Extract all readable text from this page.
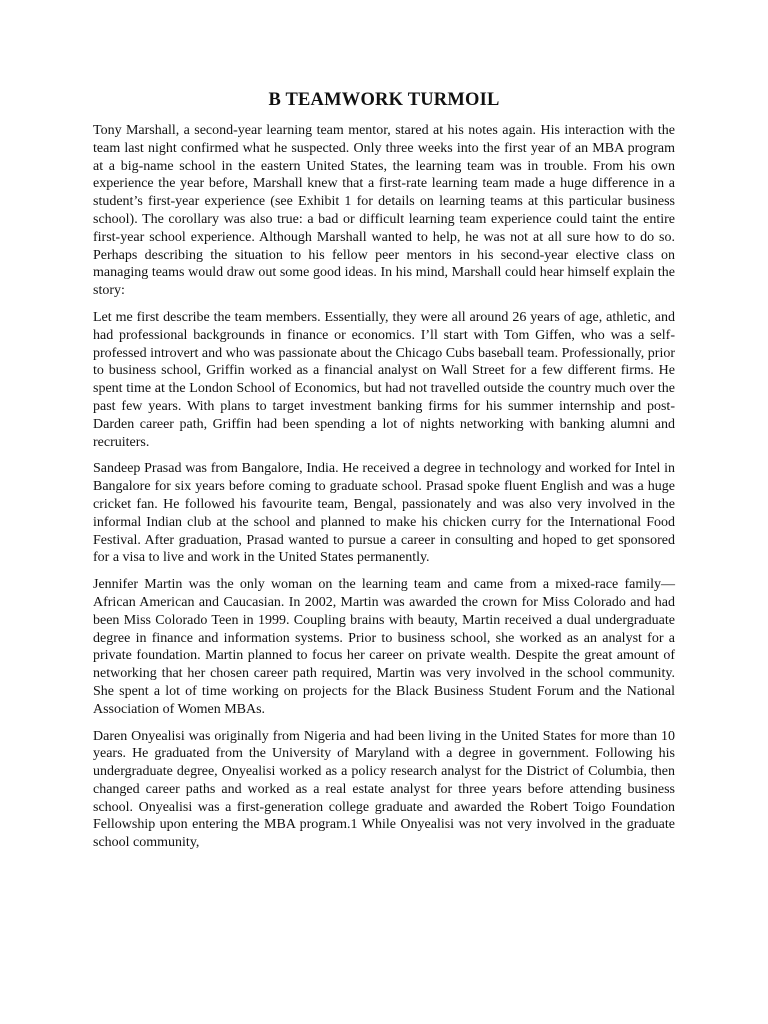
B TEAMWORK TURMOIL

Tony Marshall, a second-year learning team mentor, stared at his notes again. His interaction with the team last night confirmed what he suspected. Only three weeks into the first year of an MBA program at a big-name school in the eastern United States, the learning team was in trouble. From his own experience the year before, Marshall knew that a first-rate learning team made a huge difference in a student’s first-year experience (see Exhibit 1 for details on learning teams at this particular business school). The corollary was also true: a bad or difficult learning team experience could taint the entire first-year school experience. Although Marshall wanted to help, he was not at all sure how to do so. Perhaps describing the situation to his fellow peer mentors in his second-year elective class on managing teams would draw out some good ideas. In his mind, Marshall could hear himself explain the story:

Let me first describe the team members. Essentially, they were all around 26 years of age, athletic, and had professional backgrounds in finance or economics. I’ll start with Tom Giffen, who was a self-professed introvert and who was passionate about the Chicago Cubs baseball team. Professionally, prior to business school, Griffin worked as a financial analyst on Wall Street for a few different firms. He spent time at the London School of Economics, but had not travelled outside the country much over the past few years. With plans to target investment banking firms for his summer internship and post-Darden career path, Griffin had been spending a lot of nights networking with banking alumni and recruiters.

Sandeep Prasad was from Bangalore, India. He received a degree in technology and worked for Intel in Bangalore for six years before coming to graduate school. Prasad spoke fluent English and was a huge cricket fan. He followed his favourite team, Bengal, passionately and was also very involved in the informal Indian club at the school and planned to make his chicken curry for the International Food Festival. After graduation, Prasad wanted to pursue a career in consulting and hoped to get sponsored for a visa to live and work in the United States permanently.

Jennifer Martin was the only woman on the learning team and came from a mixed-race family—African American and Caucasian. In 2002, Martin was awarded the crown for Miss Colorado and had been Miss Colorado Teen in 1999. Coupling brains with beauty, Martin received a dual undergraduate degree in finance and information systems. Prior to business school, she worked as an analyst for a private foundation. Martin planned to focus her career on private wealth. Despite the great amount of networking that her chosen career path required, Martin was very involved in the school community. She spent a lot of time working on projects for the Black Business Student Forum and the National Association of Women MBAs.

Daren Onyealisi was originally from Nigeria and had been living in the United States for more than 10 years. He graduated from the University of Maryland with a degree in government. Following his undergraduate degree, Onyealisi worked as a policy research analyst for the District of Columbia, then changed career paths and worked as a real estate analyst for three years before attending business school. Onyealisi was a first-generation college graduate and awarded the Robert Toigo Foundation Fellowship upon entering the MBA program.1 While Onyealisi was not very involved in the graduate school community,
